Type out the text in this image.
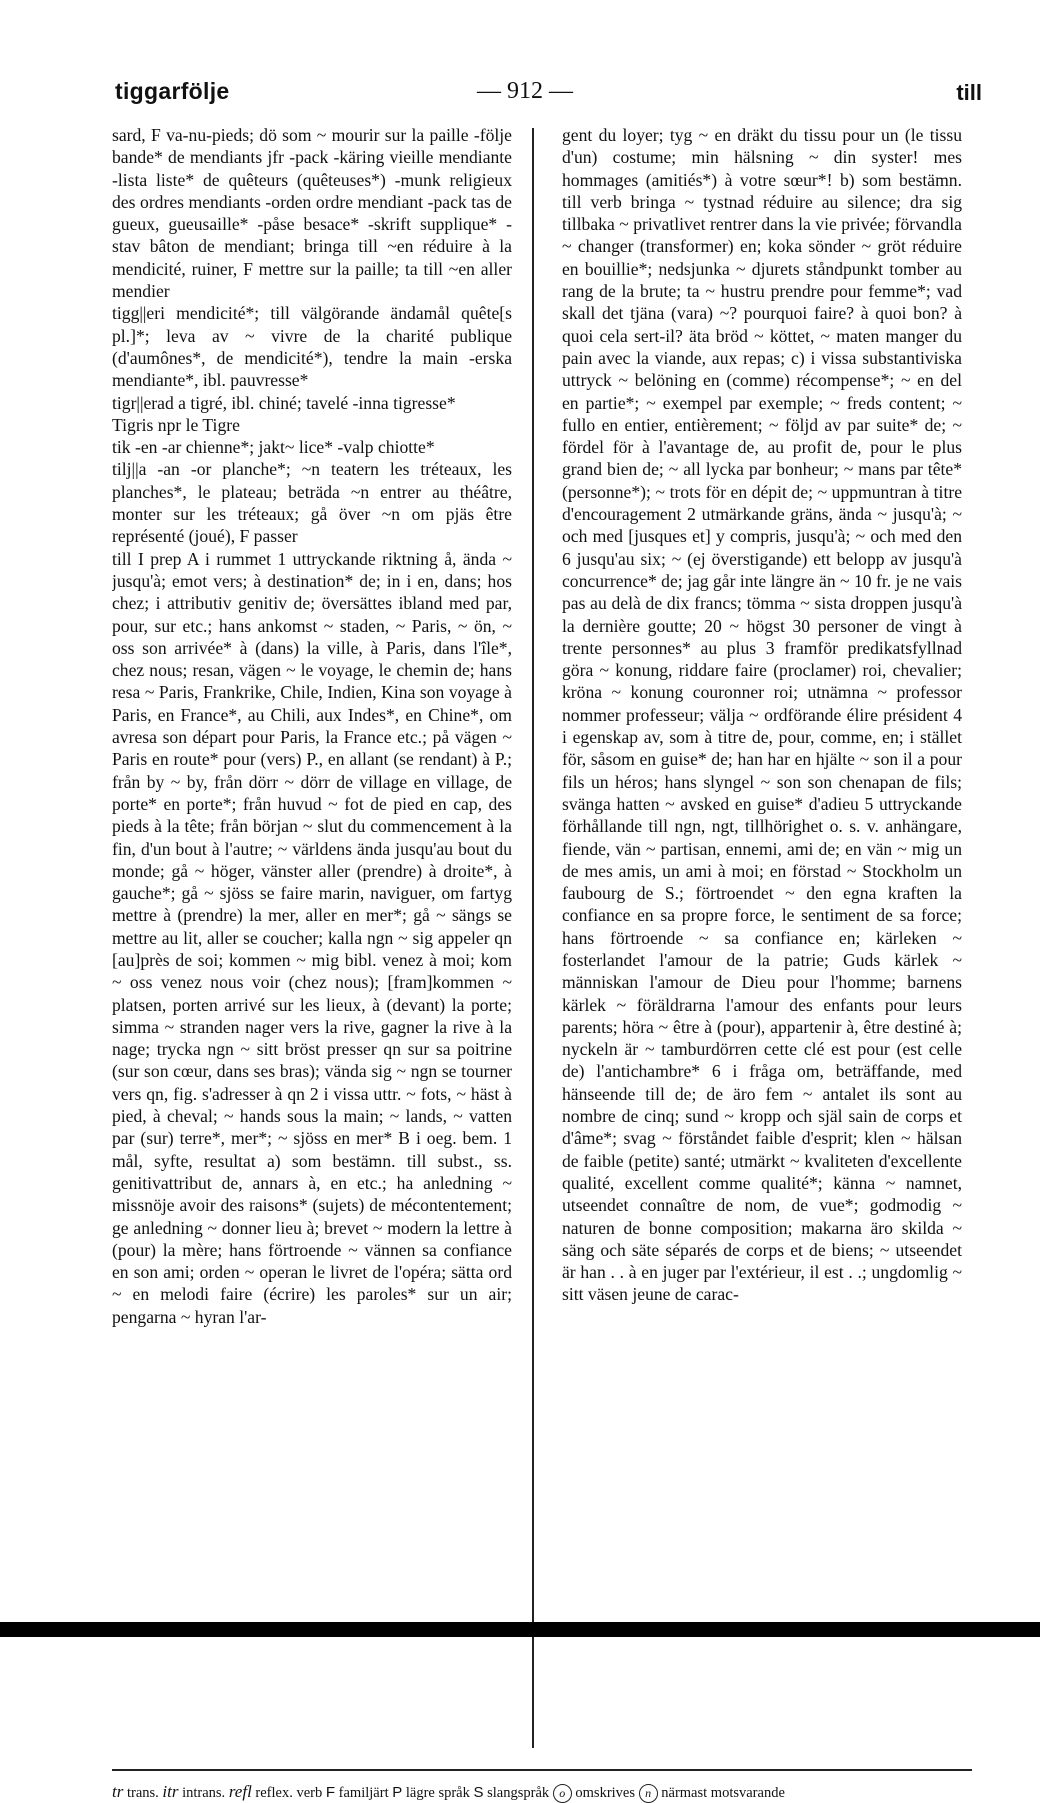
tiggarfölje	— 912 —	till

sard, F va-nu-pieds; dö som ~ mourir sur la paille -följe bande* de mendiants jfr -pack -käring vieille mendiante -lista liste* de quêteurs (quêteuses*) -munk religieux des ordres mendiants -orden ordre mendiant -pack tas de gueux, gueusaille* -påse besace* -skrift supplique* -stav bâton de mendiant; bringa till ~en réduire à la mendicité, ruiner, F mettre sur la paille; ta till ~en aller mendier

tigg||eri mendicité*; till välgörande ändamål quête[s pl.]*; leva av ~ vivre de la charité publique (d'aumônes*, de mendicité*), tendre la main -erska mendiante*, ibl. pauvresse*

tigr||erad a tigré, ibl. chiné; tavelé -inna tigresse*

Tigris npr le Tigre

tik -en -ar chienne*; jakt~ lice* -valp chiotte*

tilj||a -an -or planche*; ~n teatern les tréteaux, les planches*, le plateau; beträda ~n entrer au théâtre, monter sur les tréteaux; gå över ~n om pjäs être représenté (joué), F passer

till I prep A i rummet 1 uttryckande riktning å, ända ~ jusqu'à; emot vers; à destination* de; in i en, dans; hos chez; i attributiv genitiv de; översättes ibland med par, pour, sur etc.; hans ankomst ~ staden, ~ Paris, ~ ön, ~ oss son arrivée* à (dans) la ville, à Paris, dans l'île*, chez nous; resan, vägen ~ le voyage, le chemin de; hans resa ~ Paris, Frankrike, Chile, Indien, Kina son voyage à Paris, en France*, au Chili, aux Indes*, en Chine*, om avresa son départ pour Paris, la France etc.; på vägen ~ Paris en route* pour (vers) P., en allant (se rendant) à P.; från by ~ by, från dörr ~ dörr de village en village, de porte* en porte*; från huvud ~ fot de pied en cap, des pieds à la tête; från början ~ slut du commencement à la fin, d'un bout à l'autre; ~ världens ända jusqu'au bout du monde; gå ~ höger, vänster aller (prendre) à droite*, à gauche*; gå ~ sjöss se faire marin, naviguer, om fartyg mettre à (prendre) la mer, aller en mer*; gå ~ sängs se mettre au lit, aller se coucher; kalla ngn ~ sig appeler qn [au]près de soi; kommen ~ mig bibl. venez à moi; kom ~ oss venez nous voir (chez nous); [fram]kommen ~ platsen, porten arrivé sur les lieux, à (devant) la porte; simma ~ stranden nager vers la rive, gagner la rive à la nage; trycka ngn ~ sitt bröst presser qn sur sa poitrine (sur son cœur, dans ses bras); vända sig ~ ngn se tourner vers qn, fig. s'adresser à qn 2 i vissa uttr. ~ fots, ~ häst à pied, à cheval; ~ hands sous la main; ~ lands, ~ vatten par (sur) terre*, mer*; ~ sjöss en mer* B i oeg. bem. 1 mål, syfte, resultat a) som bestämn. till subst., ss. genitivattribut de, annars à, en etc.; ha anledning ~ missnöje avoir des raisons* (sujets) de mécontentement; ge anledning ~ donner lieu à; brevet ~ modern la lettre à (pour) la mère; hans förtroende ~ vännen sa confiance en son ami; orden ~ operan le livret de l'opéra; sätta ord ~ en melodi faire (écrire) les paroles* sur un air; pengarna ~ hyran l'ar-

gent du loyer; tyg ~ en dräkt du tissu pour un (le tissu d'un) costume; min hälsning ~ din syster! mes hommages (amitiés*) à votre sœur*! b) som bestämn. till verb bringa ~ tystnad réduire au silence; dra sig tillbaka ~ privatlivet rentrer dans la vie privée; förvandla ~ changer (transformer) en; koka sönder ~ gröt réduire en bouillie*; nedsjunka ~ djurets ståndpunkt tomber au rang de la brute; ta ~ hustru prendre pour femme*; vad skall det tjäna (vara) ~? pourquoi faire? à quoi bon? à quoi cela sert-il? äta bröd ~ köttet, ~ maten manger du pain avec la viande, aux repas; c) i vissa substantiviska uttryck ~ belöning en (comme) récompense*; ~ en del en partie*; ~ exempel par exemple; ~ freds content; ~ fullo en entier, entièrement; ~ följd av par suite* de; ~ fördel för à l'avantage de, au profit de, pour le plus grand bien de; ~ all lycka par bonheur; ~ mans par tête* (personne*); ~ trots för en dépit de; ~ uppmuntran à titre d'encouragement 2 utmärkande gräns, ända ~ jusqu'à; ~ och med [jusques et] y compris, jusqu'à; ~ och med den 6 jusqu'au six; ~ (ej överstigande) ett belopp av jusqu'à concurrence* de; jag går inte längre än ~ 10 fr. je ne vais pas au delà de dix francs; tömma ~ sista droppen jusqu'à la dernière goutte; 20 ~ högst 30 personer de vingt à trente personnes* au plus 3 framför predikatsfyllnad göra ~ konung, riddare faire (proclamer) roi, chevalier; kröna ~ konung couronner roi; utnämna ~ professor nommer professeur; välja ~ ordförande élire président 4 i egenskap av, som à titre de, pour, comme, en; i stället för, såsom en guise* de; han har en hjälte ~ son il a pour fils un héros; hans slyngel ~ son son chenapan de fils; svänga hatten ~ avsked en guise* d'adieu 5 uttryckande förhållande till ngn, ngt, tillhörighet o. s. v. anhängare, fiende, vän ~ partisan, ennemi, ami de; en vän ~ mig un de mes amis, un ami à moi; en förstad ~ Stockholm un faubourg de S.; förtroendet ~ den egna kraften la confiance en sa propre force, le sentiment de sa force; hans förtroende ~ sa confiance en; kärleken ~ fosterlandet l'amour de la patrie; Guds kärlek ~ människan l'amour de Dieu pour l'homme; barnens kärlek ~ föräldrarna l'amour des enfants pour leurs parents; höra ~ être à (pour), appartenir à, être destiné à; nyckeln är ~ tamburdörren cette clé est pour (est celle de) l'antichambre* 6 i fråga om, beträffande, med hänseende till de; de äro fem ~ antalet ils sont au nombre de cinq; sund ~ kropp och själ sain de corps et d'âme*; svag ~ förståndet faible d'esprit; klen ~ hälsan de faible (petite) santé; utmärkt ~ kvaliteten d'excellente qualité, excellent comme qualité*; känna ~ namnet, utseendet connaître de nom, de vue*; godmodig ~ naturen de bonne composition; makarna äro skilda ~ säng och säte séparés de corps et de biens; ~ utseendet är han . . à en juger par l'extérieur, il est . .; ungdomlig ~ sitt väsen jeune de carac-

tr trans. itr intrans. refl reflex. verb F familjärt P lägre språk S slangspråk o omskrives n närmast motsvarande
